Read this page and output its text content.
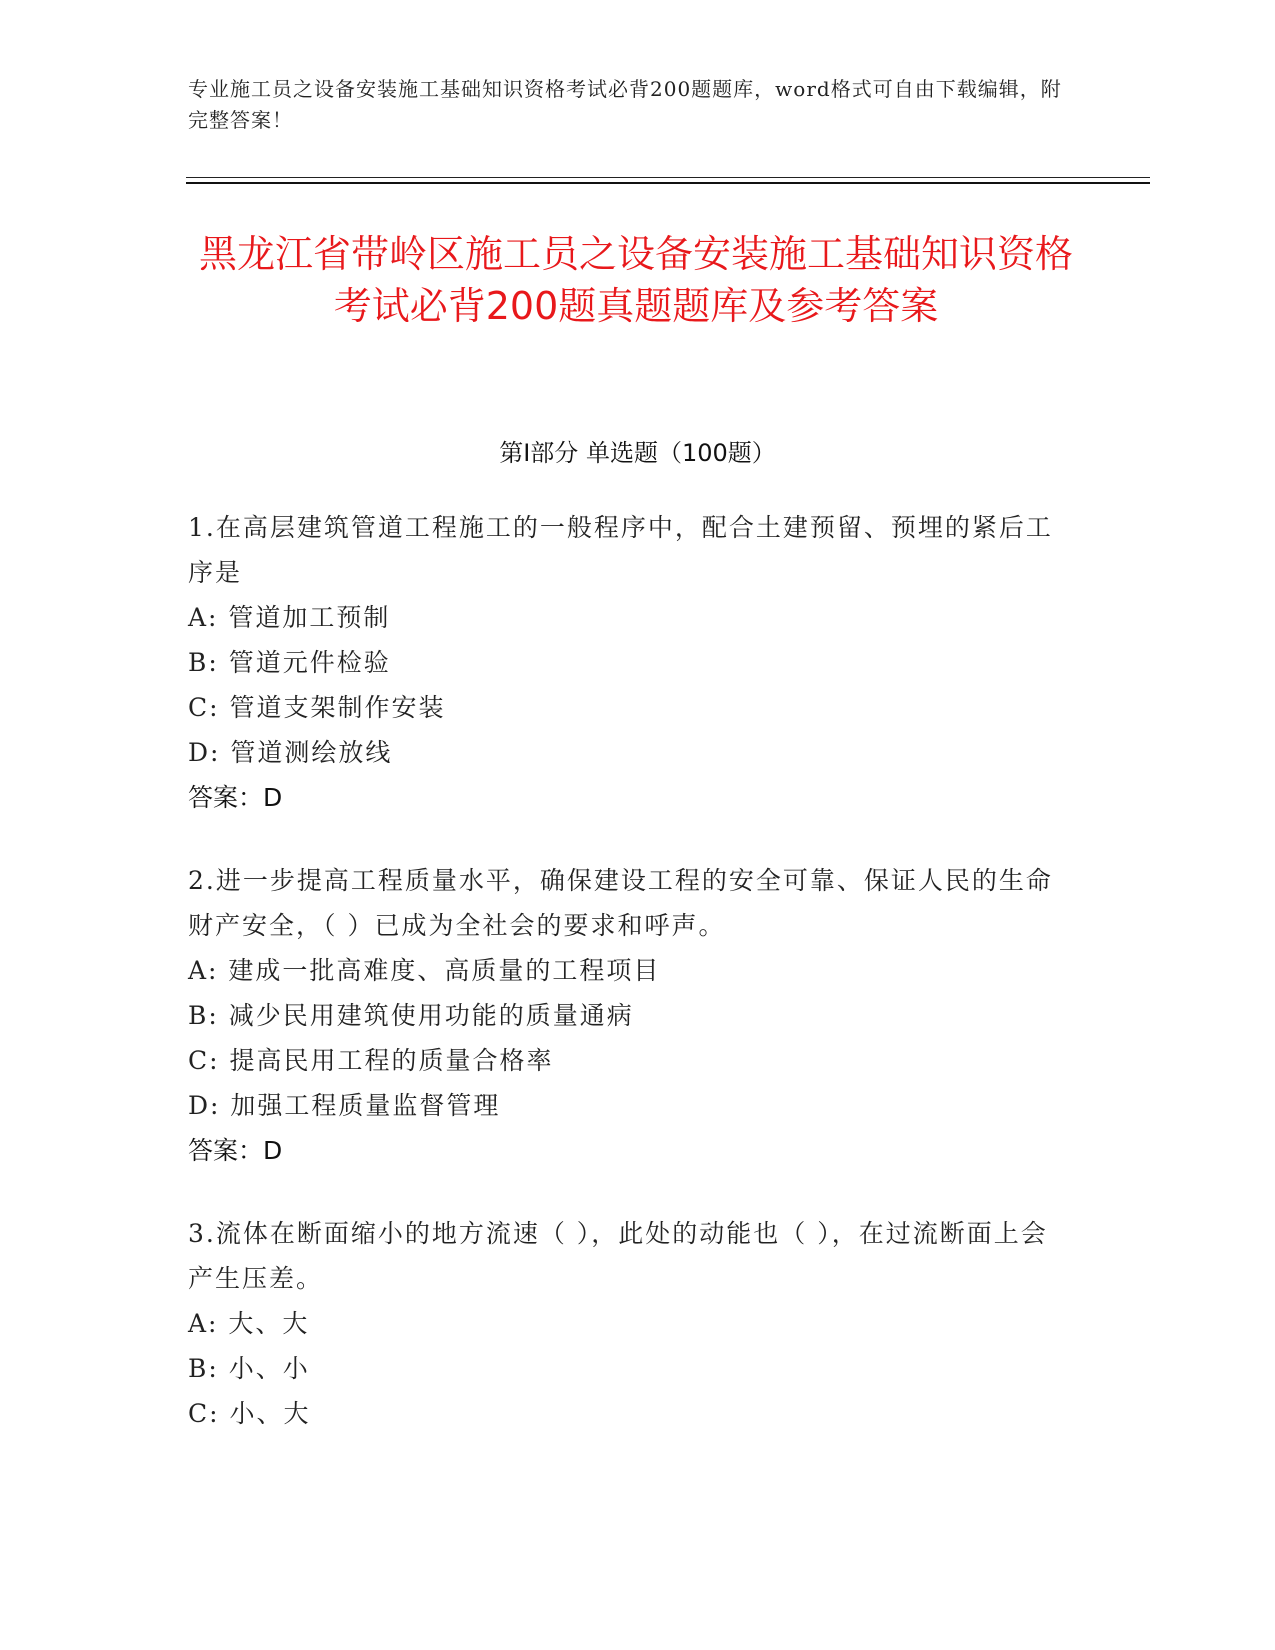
专业施工员之设备安装施工基础知识资格考试必背200题题库，word格式可自由下载编辑，附完整答案！
黑龙江省带岭区施工员之设备安装施工基础知识资格考试必背200题真题题库及参考答案
第Ⅰ部分 单选题（100题）
1.在高层建筑管道工程施工的一般程序中，配合土建预留、预埋的紧后工序是
A: 管道加工预制
B: 管道元件检验
C: 管道支架制作安装
D: 管道测绘放线
答案：D
2.进一步提高工程质量水平，确保建设工程的安全可靠、保证人民的生命财产安全，（ ）已成为全社会的要求和呼声。
A: 建成一批高难度、高质量的工程项目
B: 减少民用建筑使用功能的质量通病
C: 提高民用工程的质量合格率
D: 加强工程质量监督管理
答案：D
3.流体在断面缩小的地方流速（ ），此处的动能也（ ），在过流断面上会产生压差。
A: 大、大
B: 小、小
C: 小、大
